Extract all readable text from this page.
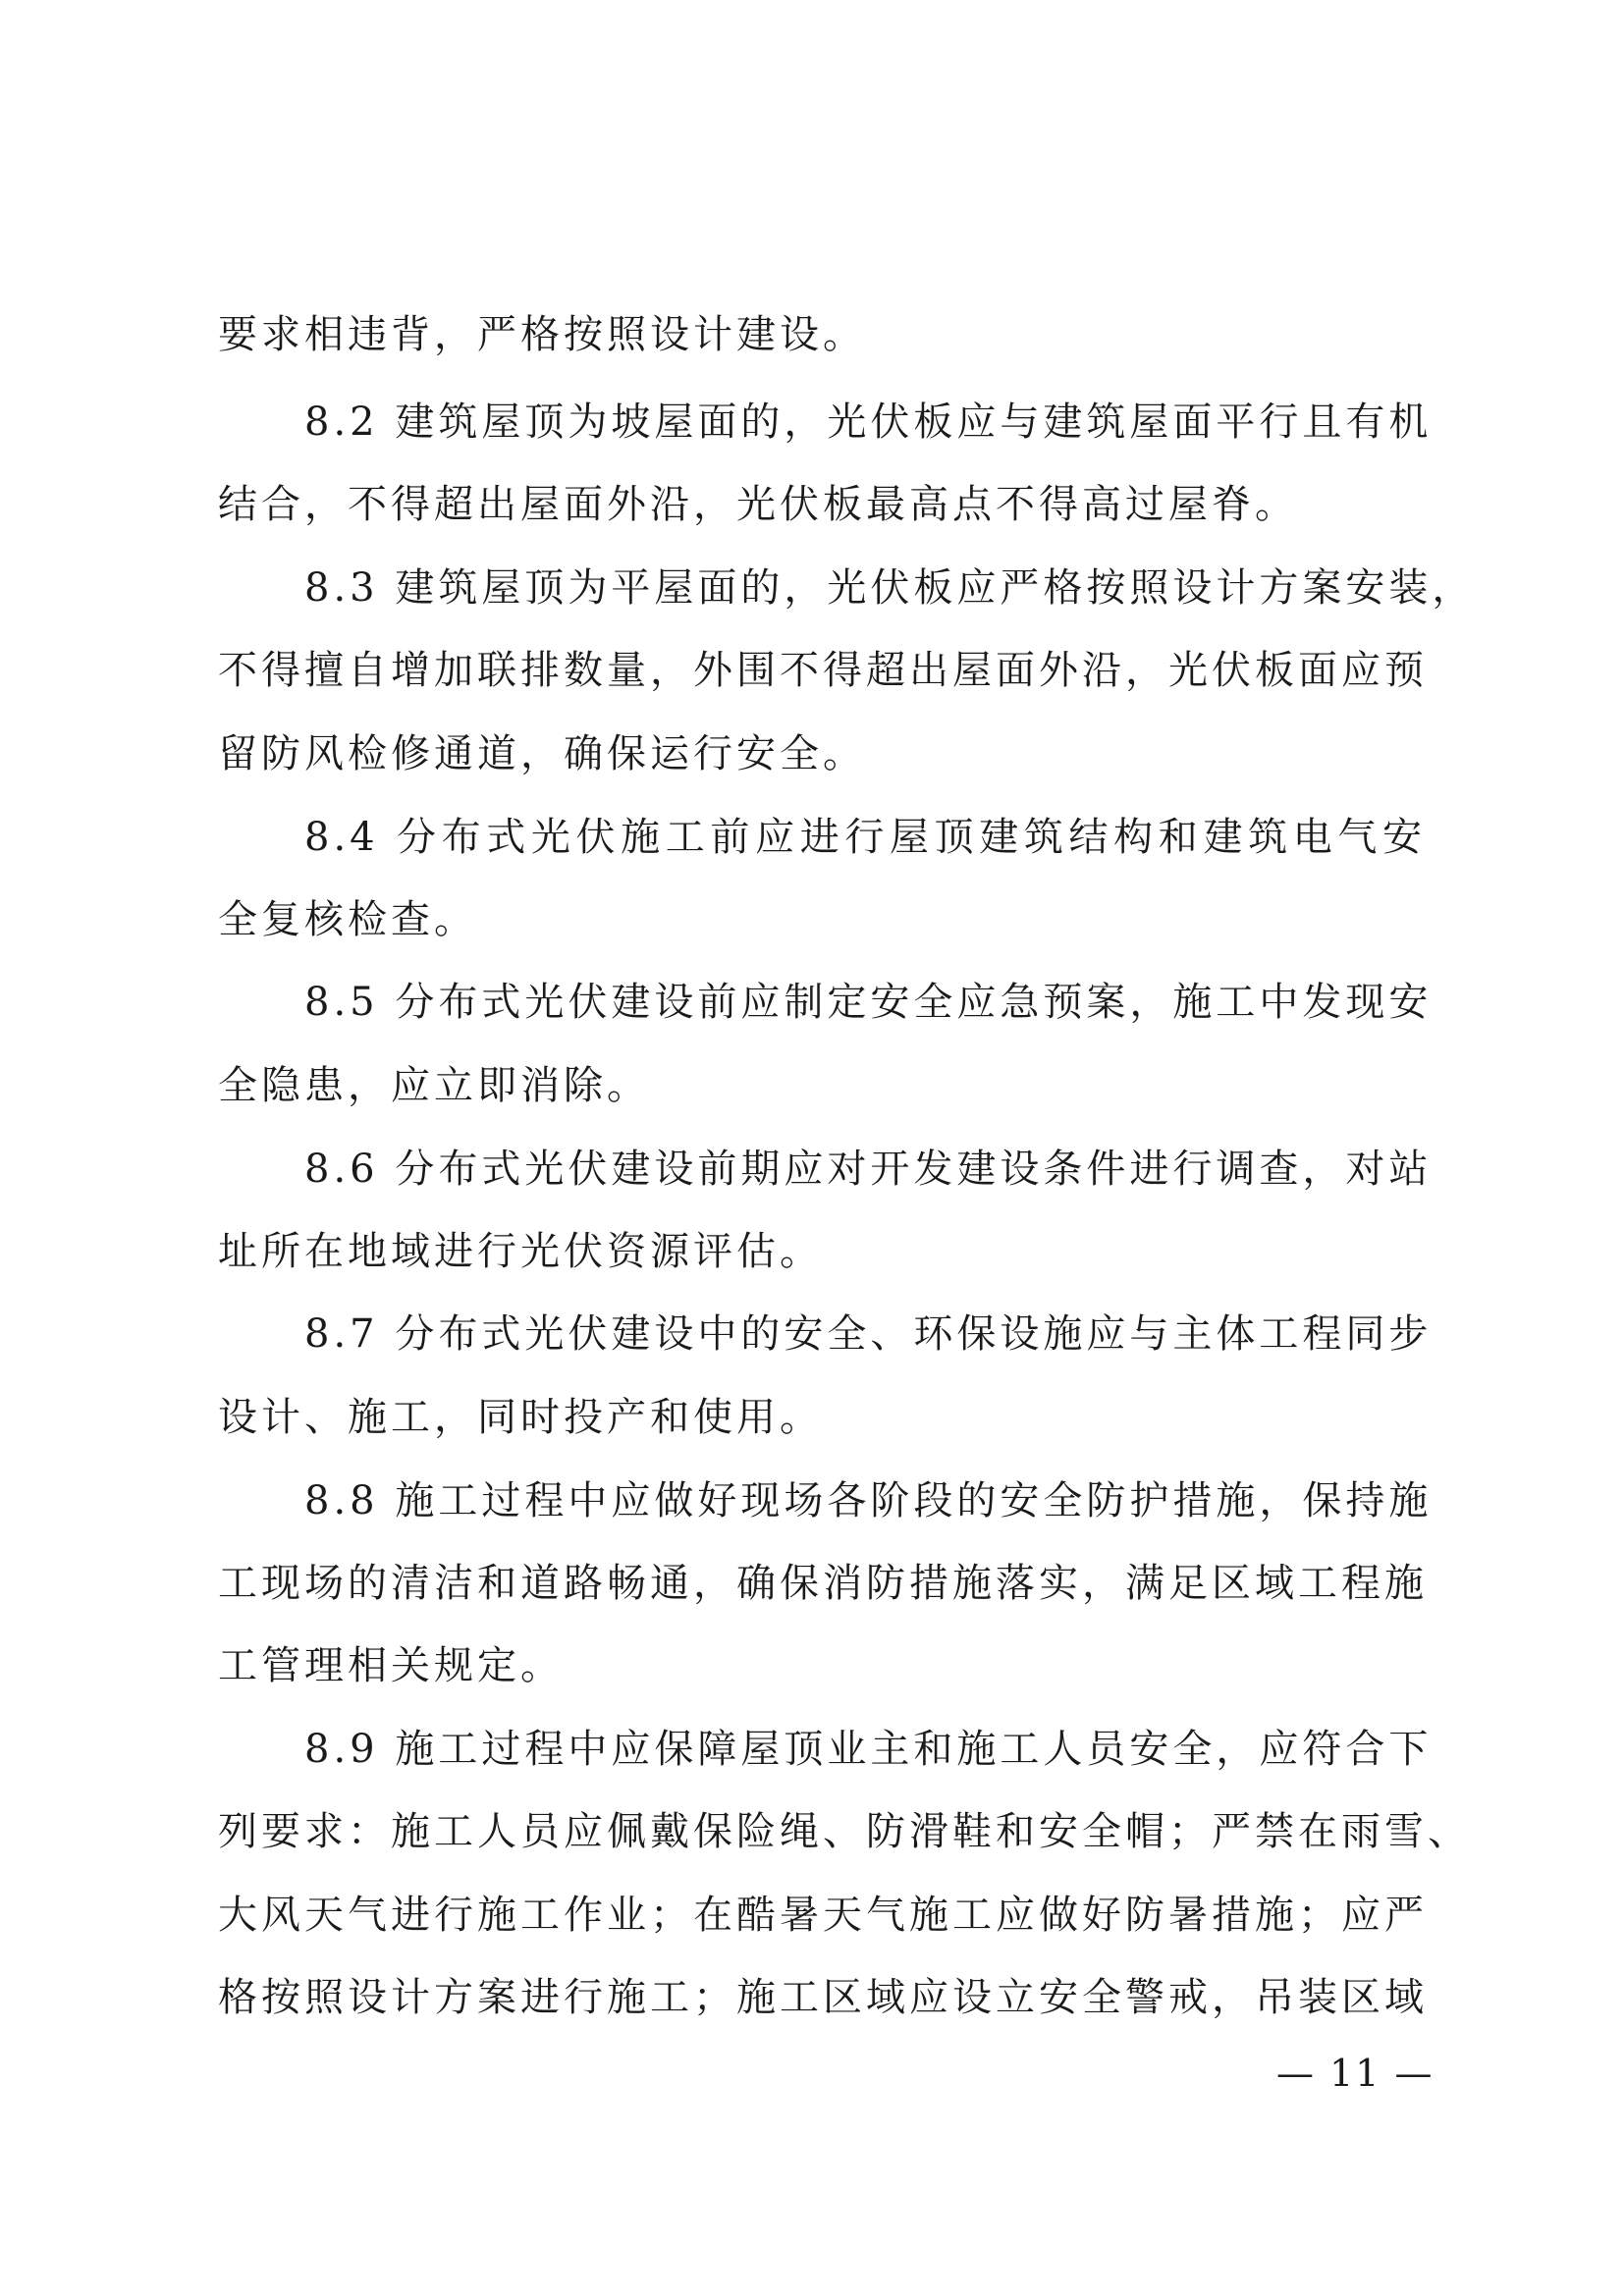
要求相违背，严格按照设计建设。
8.2 建筑屋顶为坡屋面的，光伏板应与建筑屋面平行且有机
结合，不得超出屋面外沿，光伏板最高点不得高过屋脊。
8.3 建筑屋顶为平屋面的，光伏板应严格按照设计方案安装，
不得擅自增加联排数量，外围不得超出屋面外沿，光伏板面应预
留防风检修通道，确保运行安全。
8.4 分布式光伏施工前应进行屋顶建筑结构和建筑电气安
全复核检查。
8.5 分布式光伏建设前应制定安全应急预案，施工中发现安
全隐患，应立即消除。
8.6 分布式光伏建设前期应对开发建设条件进行调查，对站
址所在地域进行光伏资源评估。
8.7 分布式光伏建设中的安全、环保设施应与主体工程同步
设计、施工，同时投产和使用。
8.8 施工过程中应做好现场各阶段的安全防护措施，保持施
工现场的清洁和道路畅通，确保消防措施落实，满足区域工程施
工管理相关规定。
8.9 施工过程中应保障屋顶业主和施工人员安全，应符合下
列要求：施工人员应佩戴保险绳、防滑鞋和安全帽；严禁在雨雪、
大风天气进行施工作业；在酷暑天气施工应做好防暑措施；应严
格按照设计方案进行施工；施工区域应设立安全警戒，吊装区域
— 11 —
